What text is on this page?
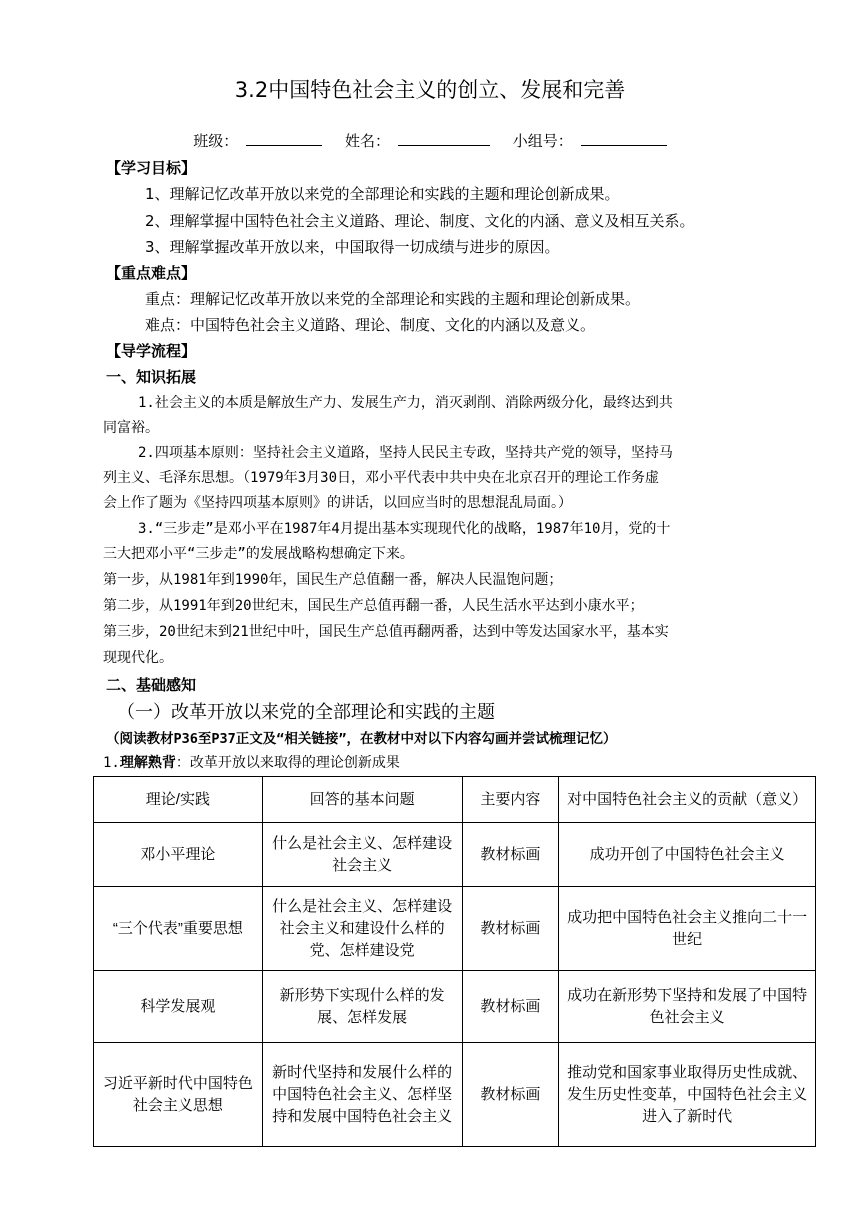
3.2中国特色社会主义的创立、发展和完善
班级：	姓名：	小组号：
【学习目标】
1、理解记忆改革开放以来党的全部理论和实践的主题和理论创新成果。
2、理解掌握中国特色社会主义道路、理论、制度、文化的内涵、意义及相互关系。
3、理解掌握改革开放以来，中国取得一切成绩与进步的原因。
【重点难点】
重点：理解记忆改革开放以来党的全部理论和实践的主题和理论创新成果。
难点：中国特色社会主义道路、理论、制度、文化的内涵以及意义。
【导学流程】
一、知识拓展
1.社会主义的本质是解放生产力、发展生产力，消灭剥削、消除两级分化，最终达到共
同富裕。
2.四项基本原则：坚持社会主义道路，坚持人民民主专政，坚持共产党的领导，坚持马
列主义、毛泽东思想。（1979年3月30日，邓小平代表中共中央在北京召开的理论工作务虚
会上作了题为《坚持四项基本原则》的讲话，以回应当时的思想混乱局面。）
3.“三步走”是邓小平在1987年4月提出基本实现现代化的战略，1987年10月，党的十
三大把邓小平“三步走”的发展战略构想确定下来。
第一步，从1981年到1990年，国民生产总值翻一番，解决人民温饱问题；
第二步，从1991年到20世纪末，国民生产总值再翻一番，人民生活水平达到小康水平；
第三步，20世纪末到21世纪中叶，国民生产总值再翻两番，达到中等发达国家水平，基本实
现现代化。
二、基础感知
（一）改革开放以来党的全部理论和实践的主题
（阅读教材P36至P37正文及“相关链接”，在教材中对以下内容勾画并尝试梳理记忆）
1.理解熟背：改革开放以来取得的理论创新成果
理论/实践	回答的基本问题	主要内容	对中国特色社会主义的贡献（意义）
邓小平理论	什么是社会主义、怎样建设社会主义	教材标画	成功开创了中国特色社会主义
“三个代表”重要思想	什么是社会主义、怎样建设社会主义和建设什么样的党、怎样建设党	教材标画	成功把中国特色社会主义推向二十一世纪
科学发展观	新形势下实现什么样的发展、怎样发展	教材标画	成功在新形势下坚持和发展了中国特色社会主义
习近平新时代中国特色社会主义思想	新时代坚持和发展什么样的中国特色社会主义、怎样坚持和发展中国特色社会主义	教材标画	推动党和国家事业取得历史性成就、发生历史性变革，中国特色社会主义进入了新时代
